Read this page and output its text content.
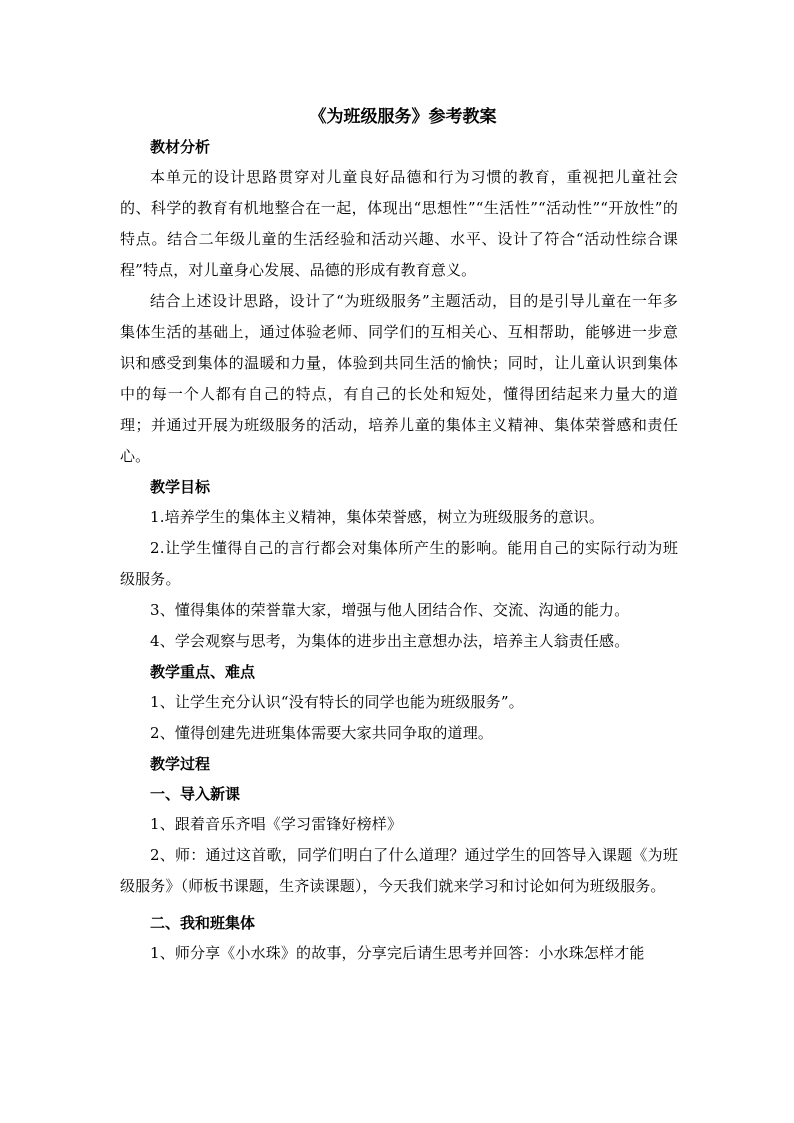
《为班级服务》参考教案
教材分析

本单元的设计思路贯穿对儿童良好品德和行为习惯的教育，重视把儿童社会的、科学的教育有机地整合在一起，体现出“思想性”“生活性”“活动性”“开放性”的特点。结合二年级儿童的生活经验和活动兴趣、水平、设计了符合“活动性综合课程”特点，对儿童身心发展、品德的形成有教育意义。

结合上述设计思路，设计了“为班级服务”主题活动，目的是引导儿童在一年多集体生活的基础上，通过体验老师、同学们的互相关心、互相帮助，能够进一步意识和感受到集体的温暖和力量，体验到共同生活的愉快；同时，让儿童认识到集体中的每一个人都有自己的特点，有自己的长处和短处，懂得团结起来力量大的道理；并通过开展为班级服务的活动，培养儿童的集体主义精神、集体荣誉感和责任心。

教学目标

1.培养学生的集体主义精神，集体荣誉感，树立为班级服务的意识。

2.让学生懂得自己的言行都会对集体所产生的影响。能用自己的实际行动为班级服务。

3、懂得集体的荣誉靠大家，增强与他人团结合作、交流、沟通的能力。

4、学会观察与思考，为集体的进步出主意想办法，培养主人翁责任感。

教学重点、难点

1、让学生充分认识“没有特长的同学也能为班级服务”。

2、懂得创建先进班集体需要大家共同争取的道理。

教学过程
一、导入新课

1、跟着音乐齐唱《学习雷锋好榜样》

2、师：通过这首歌，同学们明白了什么道理？通过学生的回答导入课题《为班级服务》（师板书课题，生齐读课题），今天我们就来学习和讨论如何为班级服务。

二、我和班集体

1、师分享《小水珠》的故事，分享完后请生思考并回答：小水珠怎样才能
